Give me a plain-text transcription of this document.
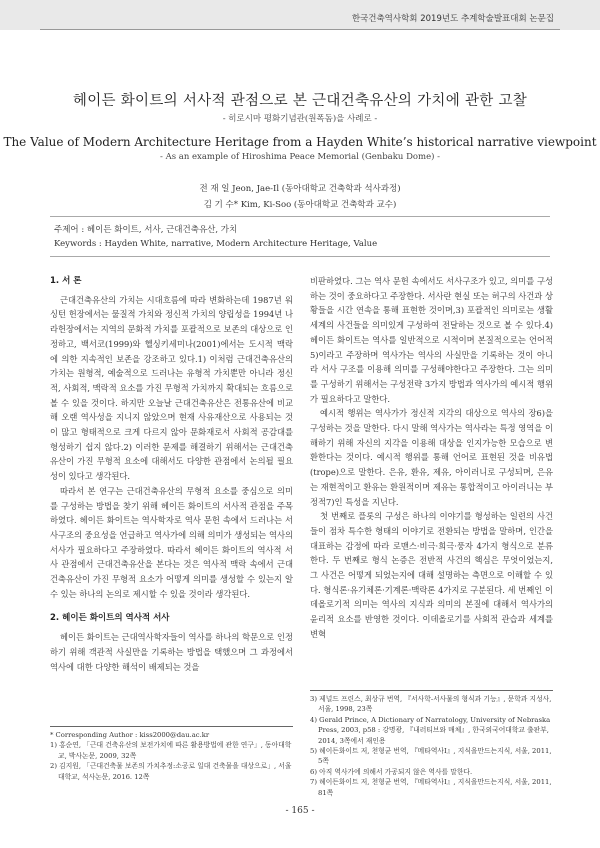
한국건축역사학회 2019년도 추계학술발표대회 논문집
헤이든 화이트의 서사적 관점으로 본 근대건축유산의 가치에 관한 고찰
- 히로시마 평화기념관(원폭돔)을 사례로 -
The Value of Modern Architecture Heritage from a Hayden White’s historical narrative viewpoint
- As an example of Hiroshima Peace Memorial (Genbaku Dome) -
전 재 일 Jeon, Jae-Il (동아대학교 건축학과 석사과정)
김 기 수* Kim, Ki-Soo (동아대학교 건축학과 교수)
주제어 : 헤이든 화이트, 서사, 근대건축유산, 가치
Keywords : Hayden White, narrative, Modern Architecture Heritage, Value

1. 서 론

근대건축유산의 가치는 시대흐름에 따라 변화하는데 1987년 워싱턴 헌장에서는 물질적 가치와 정신적 가치의 양립성을 1994년 나라헌장에서는 지역의 문화적 가치를 포괄적으로 보존의 대상으로 인정하고, 백서코(1999)와 헬싱키세미나(2001)에서는 도시적 맥락에 의한 지속적인 보존을 강조하고 있다.1) 이처럼 근대건축유산의 가치는 원형적, 예술적으로 드러나는 유형적 가치뿐만 아니라 정신적, 사회적, 맥락적 요소를 가진 무형적 가치까지 확대되는 흐름으로 볼 수 있을 것이다. 하지만 오늘날 근대건축유산은 전통유산에 비교해 오랜 역사성을 지니지 않았으며 현재 사유재산으로 사용되는 것이 많고 형태적으로 크게 다르지 않아 문화재로서 사회적 공감대를 형성하기 쉽지 않다.2) 이러한 문제를 해결하기 위해서는 근대건축유산이 가진 무형적 요소에 대해서도 다양한 관점에서 논의될 필요성이 있다고 생각된다.

따라서 본 연구는 근대건축유산의 무형적 요소를 중심으로 의미를 구성하는 방법을 찾기 위해 헤이든 화이트의 서사적 관점을 주목하였다. 헤이든 화이트는 역사학자로 역사 문헌 속에서 드러나는 서사구조의 중요성을 언급하고 역사가에 의해 의미가 생성되는 역사의 서사가 필요하다고 주장하였다. 따라서 헤이든 화이트의 역사적 서사 관점에서 근대건축유산을 본다는 것은 역사적 맥락 속에서 근대건축유산이 가진 무형적 요소가 어떻게 의미를 생성할 수 있는지 알 수 있는 하나의 논의로 제시할 수 있을 것이라 생각된다.

2. 헤이든 화이트의 역사적 서사

헤이든 화이트는 근대역사학자들이 역사를 하나의 학문으로 인정하기 위해 객관적 사실만을 기록하는 방법을 택했으며 그 과정에서 역사에 대한 다양한 해석이 배제되는 것을

* Corresponding Author : kiss2000@dau.ac.kr
1) 홍순연, 「근대 건축유산의 보전가치에 따른 활용방법에 관한 연구」, 동아대학교, 박사논문, 2009, 32쪽
2) 김지원, 「근대건축물 보존의 가치추정:소공로 일대 건축물을 대상으로」, 서울대학교, 석사논문, 2016. 12쪽

비판하였다. 그는 역사 문헌 속에서도 서사구조가 있고, 의미를 구성하는 것이 중요하다고 주장한다. 서사란 현실 또는 허구의 사건과 상황들을 시간 연속을 통해 표현한 것이며,3) 포괄적인 의미로는 생활세계의 사건들을 의미있게 구성하여 전달하는 것으로 볼 수 있다.4) 헤이든 화이트는 역사를 일반적으로 시적이며 본질적으로는 언어적5)이라고 주장하며 역사가는 역사의 사실만을 기록하는 것이 아니라 서사 구조를 이용해 의미를 구성해야한다고 주장한다. 그는 의미를 구성하기 위해서는 구성전략 3가지 방법과 역사가의 예시적 행위가 필요하다고 말한다.

예시적 행위는 역사가가 정신적 지각의 대상으로 역사의 장6)을 구성하는 것을 말한다. 다시 말해 역사가는 역사라는 특정 영역을 이해하기 위해 자신의 지각을 이용해 대상을 인지가능한 모습으로 변환한다는 것이다. 예시적 행위를 통해 언어로 표현된 것을 비유법(trope)으로 말한다. 은유, 환유, 제유, 아이러니로 구성되며, 은유는 재현적이고 환유는 환원적이며 제유는 통합적이고 아이러니는 부정적7)인 특성을 지닌다.

첫 번째로 플롯의 구성은 하나의 이야기를 형성하는 일련의 사건들이 점차 특수한 형태의 이야기로 전환되는 방법을 말하며, 인간을 대표하는 감정에 따라 로맨스·비극·희극·풍자 4가지 형식으로 분류한다. 두 번째로 형식 논증은 전반적 사건의 핵심은 무엇이었는지, 그 사건은 어떻게 되었는지에 대해 설명하는 측면으로 이해할 수 있다. 형식론·유기체론·기계론·맥락론 4가지로 구분된다. 세 번째인 이데올로기적 의미는 역사의 지식과 의미의 본질에 대해서 역사가의 윤리적 요소를 반영한 것이다. 이데올로기를 사회적 관습과 세계를 변혁

3) 제널드 프린스, 최상규 번역, 『서사학-서사물의 형식과 기능』, 문학과 지성사, 서울, 1998, 23쪽
4) Gerald Prince, A Dictionary of Narratology, University of Nebraska Press, 2003, p58 : 강명광, 『내러티브와 매체』, 한국외국어대학교 출판부, 2014, 3쪽에서 재인용
5) 헤이든화이트 저, 천형균 번역, 『메타역사Ⅰ』, 지식을만드는지식, 서울, 2011, 5쪽
6) 아직 역사가에 의해서 가공되지 않은 역사를 말한다.
7) 헤이든화이트 저, 천형균 번역, 『메타역사Ⅰ』, 지식을만드는지식, 서울, 2011, 81쪽
- 165 -
